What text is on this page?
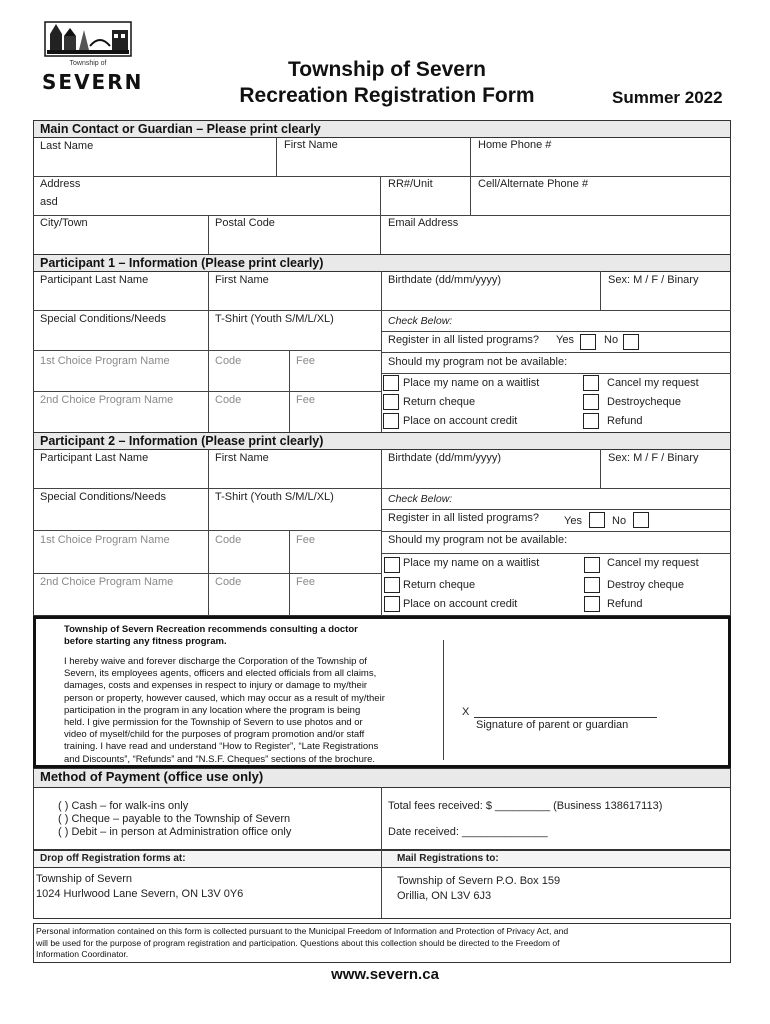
Township of
SEVERN
Township of Severn
Recreation Registration Form	Summer 2022
Main Contact or Guardian – Please print clearly
Last Name	First Name	Home Phone #
Address
asd
RR#/Unit	Cell/Alternate Phone #
City/Town	Postal Code	Email Address
Participant 1 – Information (Please print clearly)
Participant Last Name	First Name	Birthdate (dd/mm/yyyy)	Sex: M / F / Binary
Special Conditions/Needs	T-Shirt (Youth S/M/L/XL)	Check Below:
Register in all listed programs? Yes	No
1st Choice Program Name	Code	Fee
2nd Choice Program Name	Code	Fee
Should my program not be available:
Place my name on a waitlist	Cancel my request
Return cheque	Destroycheque
Place on account credit	Refund
Participant 2 – Information (Please print clearly)
Participant Last Name	First Name	Birthdate (dd/mm/yyyy)	Sex: M / F / Binary
Special Conditions/Needs	T-Shirt (Youth S/M/L/XL)	Check Below:
Register in all listed programs? Yes	No
1st Choice Program Name	Code	Fee
2nd Choice Program Name	Code	Fee
Should my program not be available:
Place my name on a waitlist	Cancel my request
Return cheque	Destroy cheque
Place on account credit	Refund
Township of Severn Recreation recommends consulting a doctor
before starting any fitness program.
I hereby waive and forever discharge the Corporation of the Township of
Severn, its employees agents, officers and elected officials from all claims,
damages, costs and expenses in respect to injury or damage to my/their
person or property, however caused, which may occur as a result of my/their
participation in the program in any location where the program is being
held. I give permission for the Township of Severn to use photos and or
video of myself/child for the purposes of program promotion and/or staff
training. I have read and understand “How to Register”, “Late Registrations
and Discounts”, “Refunds” and “N.S.F. Cheques” sections of the brochure.
X
Signature of parent or guardian
Method of Payment (office use only)
( ) Cash – for walk-ins only
( ) Cheque – payable to the Township of Severn
( ) Debit – in person at Administration office only
Total fees received: $ _________ (Business 138617113)
Date received: ______________
Drop off Registration forms at:	Mail Registrations to:
Township of Severn
1024 Hurlwood Lane Severn, ON L3V 0Y6
Township of Severn P.O. Box 159
Orillia, ON L3V 6J3
Personal information contained on this form is collected pursuant to the Municipal Freedom of Information and Protection of Privacy Act, and
will be used for the purpose of program registration and participation. Questions about this collection should be directed to the Freedom of
Information Coordinator.
www.severn.ca
